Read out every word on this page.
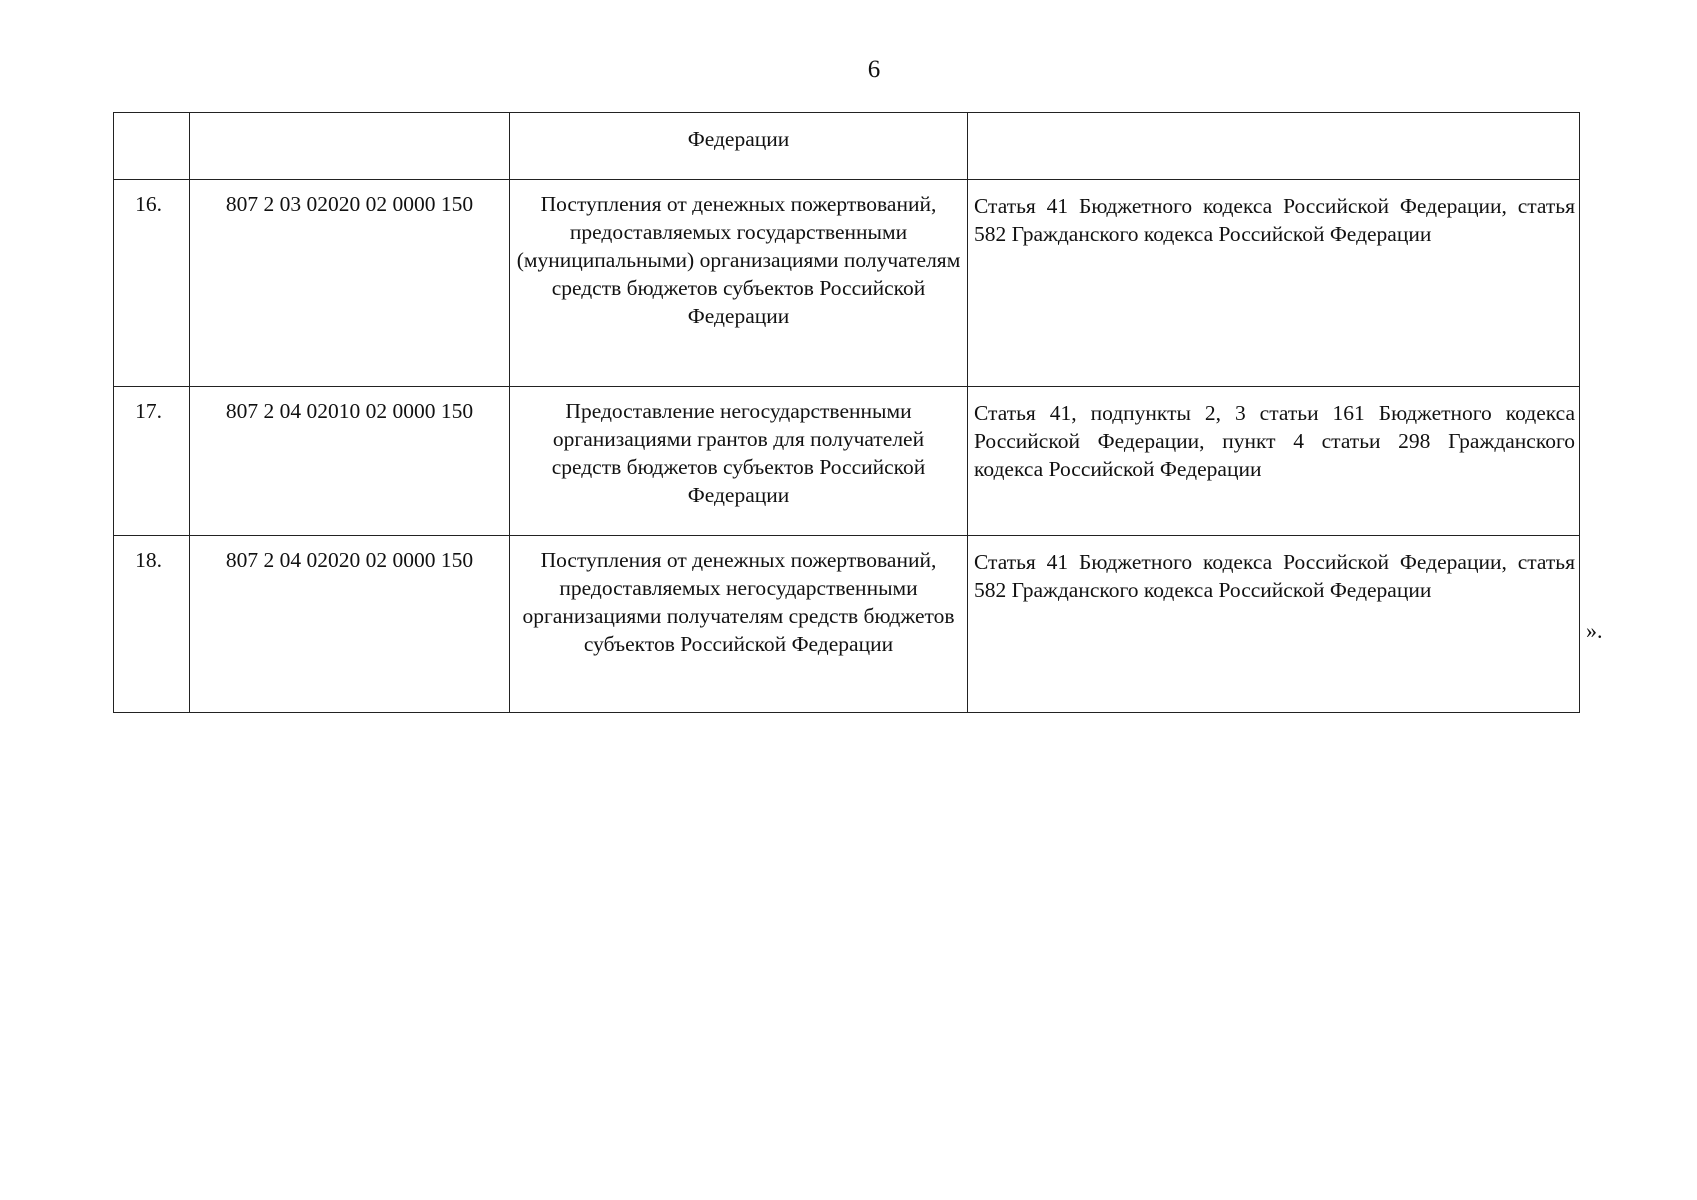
6
		Федерации	
16.	807 2 03 02020 02 0000 150	Поступления от денежных пожертвований, предоставляемых государственными (муниципальными) организациями получателям средств бюджетов субъектов Российской Федерации	Статья 41 Бюджетного кодекса Российской Федерации, статья 582 Гражданского кодекса Российской Федерации
17.	807 2 04 02010 02 0000 150	Предоставление негосударственными организациями грантов для получателей средств бюджетов субъектов Российской Федерации	Статья 41, подпункты 2, 3 статьи 161 Бюджетного кодекса Российской Федерации, пункт 4 статьи 298 Гражданского кодекса Российской Федерации
18.	807 2 04 02020 02 0000 150	Поступления от денежных пожертвований, предоставляемых негосударственными организациями получателям средств бюджетов субъектов Российской Федерации	Статья 41 Бюджетного кодекса Российской Федерации, статья 582 Гражданского кодекса Российской Федерации
».
